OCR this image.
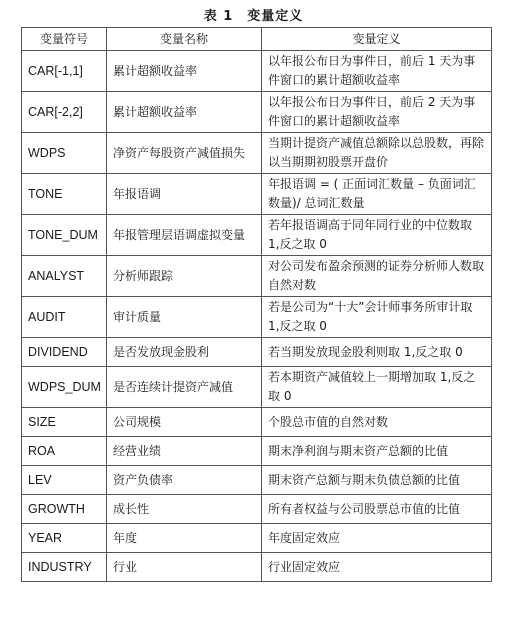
表 1　变量定义
变量符号	变量名称	变量定义
CAR[-1,1]	累计超额收益率	以年报公布日为事件日，前后 1 天为事件窗口的累计超额收益率
CAR[-2,2]	累计超额收益率	以年报公布日为事件日，前后 2 天为事件窗口的累计超额收益率
WDPS	净资产每股资产减值损失	当期计提资产减值总额除以总股数，再除以当期期初股票开盘价
TONE	年报语调	年报语调 = ( 正面词汇数量 – 负面词汇数量)/ 总词汇数量
TONE_DUM	年报管理层语调虚拟变量	若年报语调高于同年同行业的中位数取 1,反之取 0
ANALYST	分析师跟踪	对公司发布盈余预测的证券分析师人数取自然对数
AUDIT	审计质量	若是公司为“十大”会计师事务所审计取 1,反之取 0
DIVIDEND	是否发放现金股利	若当期发放现金股利则取 1,反之取 0
WDPS_DUM	是否连续计提资产减值	若本期资产减值较上一期增加取 1,反之取 0
SIZE	公司规模	个股总市值的自然对数
ROA	经营业绩	期末净利润与期末资产总额的比值
LEV	资产负债率	期末资产总额与期末负债总额的比值
GROWTH	成长性	所有者权益与公司股票总市值的比值
YEAR	年度	年度固定效应
INDUSTRY	行业	行业固定效应
